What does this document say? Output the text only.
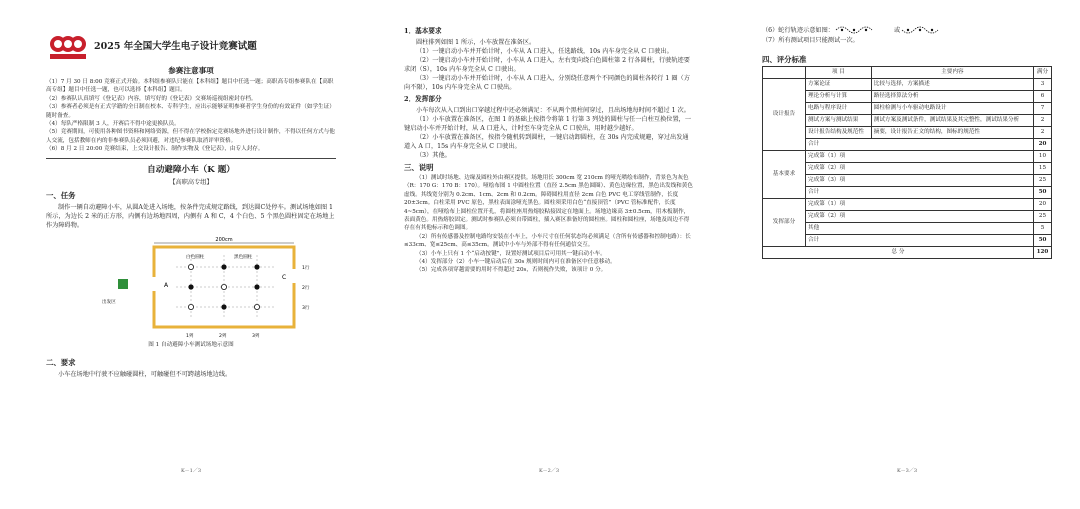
2025 年全国大学生电子设计竞赛试题
参赛注意事项

（1）7 月 30 日 8:00 竞赛正式开始。本科组参赛队只能在【本科组】题目中任选一题；高职高专组参赛队在【高职高专组】题目中任选一题，也可以选择【本科组】题目。

（2）参赛队认真填写《登记表》内容，填写好的《登记表》交赛场巡视组密封存档。

（3）参赛者必须是有正式学籍的全日制在校本、专科学生，应出示能够证明参赛者学生身份的有效证件（如学生证）随时备查。

（4）每队严格限制 3 人，开赛后不得中途更换队员。

（5）竞赛期间，可使用各种图书资料和网络资源，但不得在学校指定竞赛场地外进行设计制作，不得以任何方式与他人交流，包括教师在内的非参赛队员必须回避，对违纪参赛队取消评审资格。

（6）8 月 2 日 20:00 竞赛结束，上交设计报告、制作实物及《登记表》，由专人封存。

自动避障小车（K 题）
【高职高专组】
一、任务

制作一辆自动避障小车，从圆A处进入场地，按条件完成规定路线，到达圆C处停车。测试场地如图 1 所示，为边长 2 米的正方形，内侧有边场地四周，内侧有 A 和 C，4 个白色、5 个黑色圆柱固定在场地上作为障碍物。

200cm
A
C
出发区
白色圆柱	黑色圆柱
1行
2行
3行
1列	2列	3列
图 1 自动避障小车测试场地示意图
二、要求

小车在场地中行驶不应触碰圆柱，可触碰但不可跨越场地边线。

K－1／3
1．基本要求

圆柱排列如图 1 所示，小车放置在准备区。

（1）一键启动小车并开始计时，小车从 A 口进入，任选路线，10s 内车身完全从 C 口驶出。

（2）一键启动小车并开始计时，小车从 A 口进入，左右变向绕白色圆柱第 2 行各圆柱，行驶轨迹要求闭（S），10s 内车身完全从 C 口驶出。

（3）一键启动小车并开始计时，小车从 A 口进入，分别绕任意两个不同颜色的圆柱各转行 1 圈（方向不限），10s 内车身完全从 C 口驶出。

2．发挥部分

小车每次从入口到出口穿越过程中还必须满足：不从两个黑柱间穿过，且出场地每时间不超过 1 次。

（1）小车放置在准备区，在图 1 的基础上按指令将第 1 行第 3 列处的圆柱与任一白柱互换位置，一键启动小车并开始计时，从 A 口进入，计时至车身完全从 C 口驶出，用时越少越好。

（2）小车放置在准备区，按指令随机转到圆柱，一键启动卸圆柱，在 30s 内完成规避，穿过出发通道入 A 口，15s 内车身完全从 C 口驶出。

（3）其他。

三、说明

（1）测试时场地、边缘及圆柱外由赛区提供。场地用长 300cm 宽 210cm 的哑光喷绘布制作，背景色为灰色（R：170 G：170 B：170）。哑绘布图 1 中圆柱位置（直径 2.5cm 黑色圆圈）、黄色边缘位置，黑色出发线和黄色虚线。其线宽分别为 0.2cm、1cm、2cm 和 0.2cm。障碍圆柱用直径 2cm 白色 PVC 电工穿线管制作，长度 20±3cm。白柱采用 PVC 原色，黑柱表面涂哑光黑色。圆柱须采用白色“直接顶管”（PVC 管标准配件，长度 4~5cm），在哑绘布上圆柱位置开孔，将圆柱座用热熔胶粘接固定在地面上。场地边缘高 3±0.5cm，用木板制作，表面黄色。用热熔胶固定。测试时参赛队必须自带圆柱，插入赛区准备好的圆柱座。圆柱和圆柱座，场地及周边不得存在有其他标示和色调图。

（2）所有传感器及控制电路均安装在小车上，小车尺寸在任何状态均必须满足（含所有传感器和控制电路）：长≤33cm、宽≤25cm、高≤35cm。测试中小车与外部不得有任何通信交互。

（3）小车上只有 1 个“启动按键”，设置好测试项目后可用其一键启动小车。

（4）发挥部分（2）小车一键启动后在 30s 规则时间内可在准备区中任意移动。

（5）完成各项穿越需要的用时不得超过 20s，否则视作失败，该项计 0 分。

K－2／3
（6）蛇行轨迹示意如图：	或

（7）所有测试项目只能测试一次。

四、评分标准
	项 目	主要内容	满分
设计报告	方案论证	比较与选择，方案描述	3
	理论分析与计算	路径选择算法分析	6
	电路与程序设计	圆柱检测与小车驱动电路设计	7
	测试方案与测试结果	测试方案及测试条件，测试结果及其完整性，测试结果分析	2
	设计报告结构及规范性	摘要，设计报告正文的结构，图标的规范性	2
	合计		20
基本要求	完成第（1）项		10
	完成第（2）项		15
	完成第（3）项		25
	合计		50
发挥部分	完成第（1）项		20
	完成第（2）项		25
	其他		5
	合计		50
总 分			120
K－3／3
